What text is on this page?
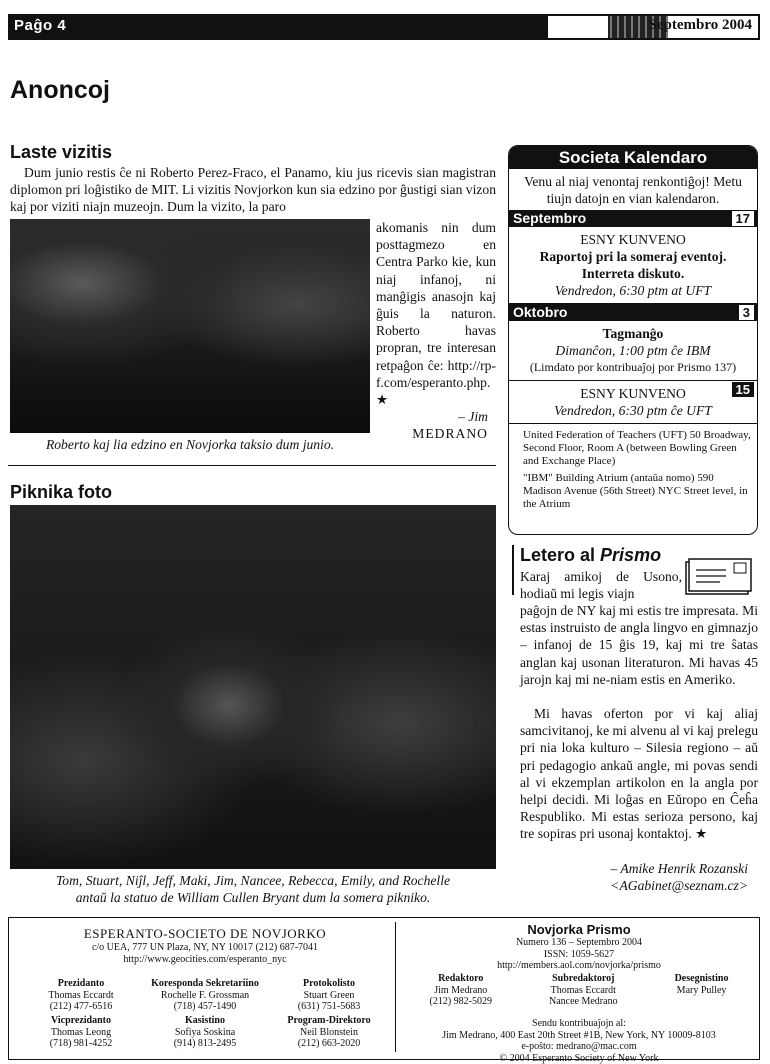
Paĝo 4	Septembro 2004
Anoncoj
Laste vizitis

Dum junio restis ĉe ni Roberto Perez-Fraco, el Panamo, kiu jus ricevis sian magistran diplomon pri loĝistiko de MIT. Li vizitis Novjorkon kun sia edzino por ĝustigi sian vizon kaj por viziti niajn muzeojn. Dum la vizito, la paro

akomanis nin dum posttagmezo en Centra Parko kie, kun niaj infanoj, ni manĝigis anasojn kaj ĝuis la naturon. Roberto havas propran, tre interesan retpaĝon ĉe: http://rp-f.com/esperanto.php. ★

– Jim
MEDRANO

Roberto kaj lia edzino en Novjorka taksio dum junio.

Piknika foto
Tom, Stuart, Niĵl, Jeff, Maki, Jim, Nancee, Rebecca, Emily, and Rochelle
antaŭ la statuo de William Cullen Bryant dum la somera pikniko.
Societa Kalendaro
Venu al niaj venontaj renkontiĝoj! Metu tiujn datojn en vian kalendaron.
Septembro	17
ESNY KUNVENO
Raportoj pri la someraj eventoj.
Interreta diskuto.
Vendredon, 6:30 ptm at UFT
Oktobro	3
Tagmanĝo
Dimanĉon, 1:00 ptm ĉe IBM
(Limdato por kontribuaĵoj por Prismo 137)
15
ESNY KUNVENO
Vendredon, 6:30 ptm ĉe UFT
United Federation of Teachers (UFT) 50 Broadway, Second Floor, Room A (between Bowling Green and Exchange Place)
"IBM" Building Atrium (antaŭa nomo) 590 Madison Avenue (56th Street) NYC Street level, in the Atrium
Letero al Prismo

Karaj amikoj de Usono, hodiaŭ mi legis viajn

paĝojn de NY kaj mi estis tre impresata. Mi estas instruisto de angla lingvo en gimnazjo – infanoj de 15 ĝis 19, kaj mi tre ŝatas anglan kaj usonan literaturon. Mi havas 45 jarojn kaj mi ne-niam estis en Ameriko.

Mi havas oferton por vi kaj aliaj samcivitanoj, ke mi alvenu al vi kaj prelegu pri nia loka kulturo – Silesia regiono – aŭ pri pedagogio ankaŭ angle, mi povas sendi al vi ekzemplan artikolon en la angla por helpi decidi. Mi loĝas en Eŭropo en Ĉeĥa Respubliko. Mi estas serioza persono, kaj tre sopiras pri usonaj kontaktoj. ★

– Amike Henrik Rozanski
<AGabinet@seznam.cz>
ESPERANTO-SOCIETO DE NOVJORKO
c/o UEA, 777 UN Plaza, NY, NY 10017 (212) 687-7041
http://www.geocities.com/esperanto_nyc
Prezidanto
Thomas Eccardt
(212) 477-6516
Korespondа Sekretariino
Rochelle F. Grossman
(718) 457-1490
Protokolisto
Stuart Green
(631) 751-5683
Vicprezidanto
Thomas Leong
(718) 981-4252
Kasistino
Sofiya Soskina
(914) 813-2495
Program-Direktoro
Neil Blonstein
(212) 663-2020
Novjorka Prismo
Numero 136 – Septembro 2004
ISSN: 1059-5627
http://members.aol.com/novjorka/prismo
Redaktoro
Jim Medrano
(212) 982-5029
Subredaktoroj
Thomas Eccardt
Nancee Medrano
Desegnistino
Mary Pulley
Sendu kontribuaĵojn al:
Jim Medrano, 400 East 20th Street #1B, New York, NY 10009-8103
e-poŝto: medrano@mac.com
© 2004 Esperanto Society of New York
